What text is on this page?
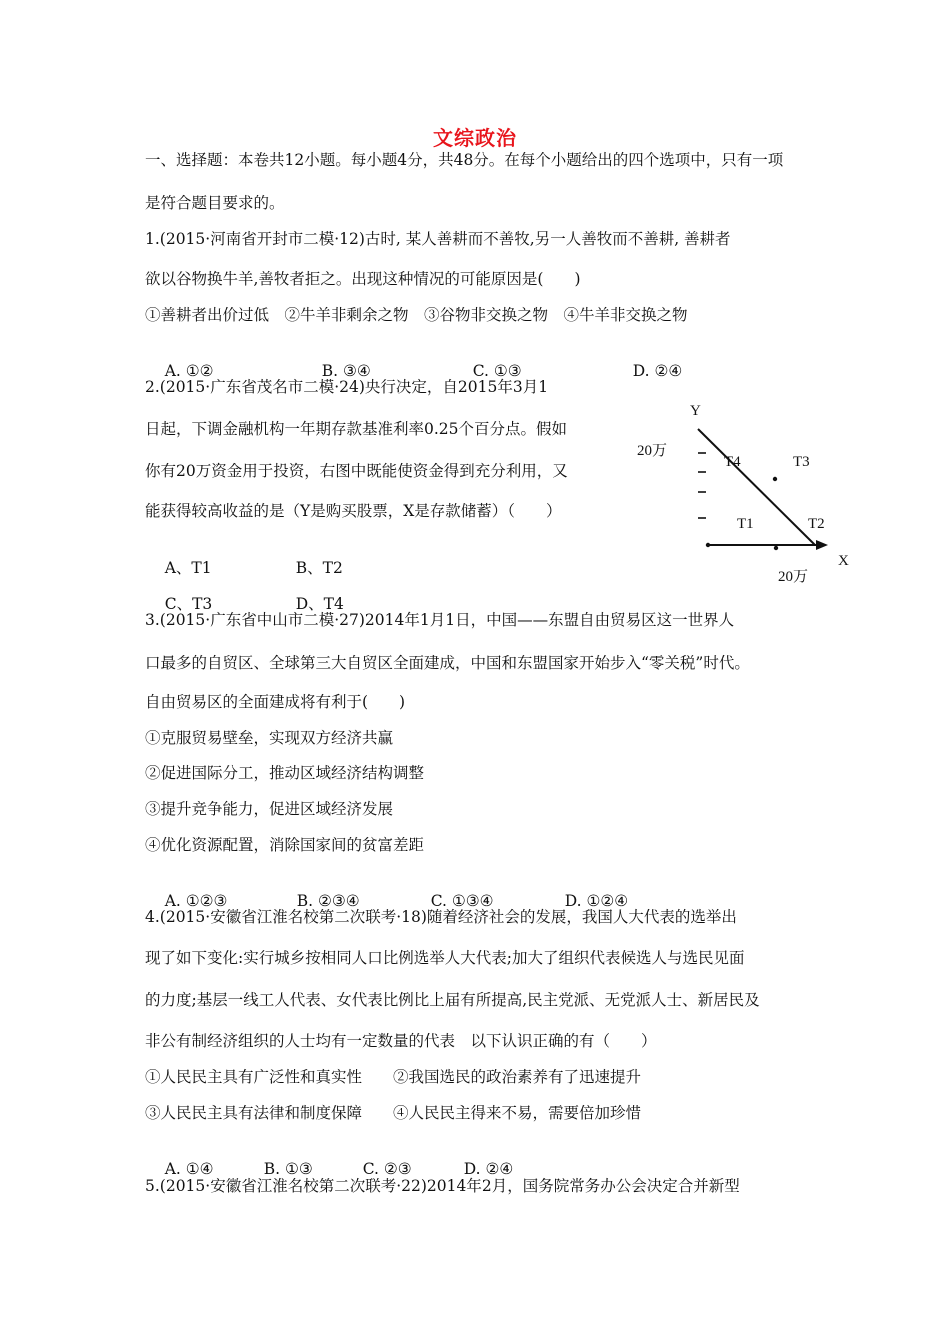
文综政治
一、选择题：本卷共12小题。每小题4分，共48分。在每个小题给出的四个选项中，只有一项
是符合题目要求的。
1.(2015·河南省开封市二模·12)古时, 某人善耕而不善牧,另一人善牧而不善耕, 善耕者
欲以谷物换牛羊,善牧者拒之。出现这种情况的可能原因是(　　)
①善耕者出价过低　②牛羊非剩余之物　③谷物非交换之物　④牛羊非交换之物

A. ①②	B. ③④	C. ①③	D. ②④

2.(2015·广东省茂名市二模·24)央行决定，自2015年3月1
日起，下调金融机构一年期存款基准利率0.25个百分点。假如
你有20万资金用于投资，右图中既能使资金得到充分利用，又
能获得较高收益的是（Y是购买股票，X是存款储蓄）（　　）

A、T1	B、T2

C、T3	D、T4

Y
20万
T4	T3
T1	T2
X
20万
3.(2015·广东省中山市二模·27)2014年1月1日，中国——东盟自由贸易区这一世界人
口最多的自贸区、全球第三大自贸区全面建成，中国和东盟国家开始步入“零关税”时代。
自由贸易区的全面建成将有利于(　　)
①克服贸易壁垒，实现双方经济共赢
②促进国际分工，推动区域经济结构调整
③提升竞争能力，促进区域经济发展
④优化资源配置，消除国家间的贫富差距

A. ①②③	B. ②③④	C. ①③④	D. ①②④

4.(2015·安徽省江淮名校第二次联考·18)随着经济社会的发展，我国人大代表的选举出
现了如下变化:实行城乡按相同人口比例选举人大代表;加大了组织代表候选人与选民见面
的力度;基层一线工人代表、女代表比例比上届有所提高,民主党派、无党派人士、新居民及
非公有制经济组织的人士均有一定数量的代表　以下认识正确的有（　　）
①人民民主具有广泛性和真实性　　②我国选民的政治素养有了迅速提升
③人民民主具有法律和制度保障　　④人民民主得来不易，需要倍加珍惜

A. ①④	B. ①③	C. ②③	D. ②④

5.(2015·安徽省江淮名校第二次联考·22)2014年2月，国务院常务办公会决定合并新型
